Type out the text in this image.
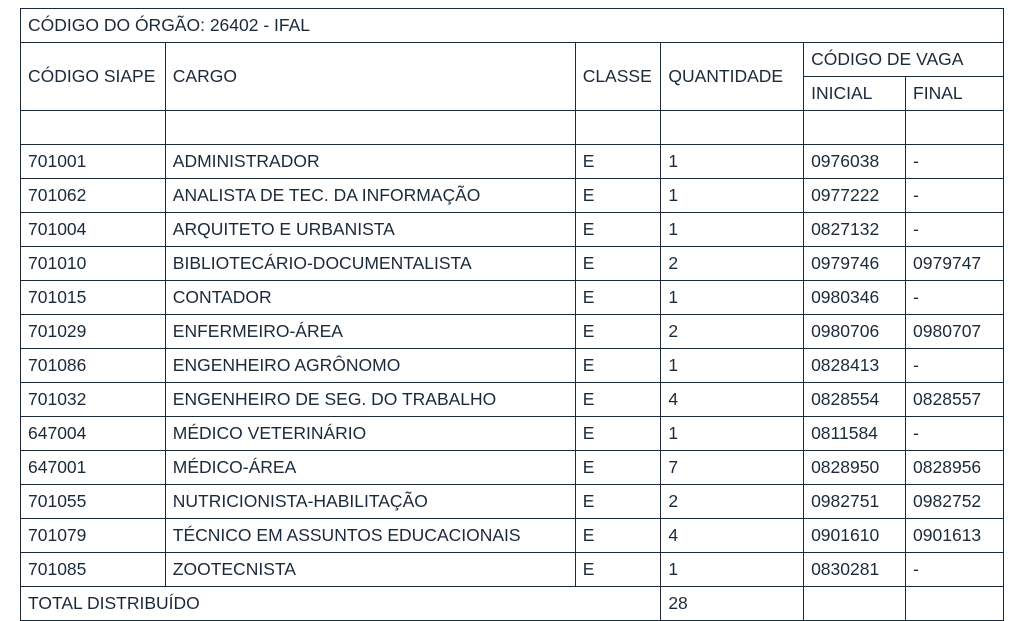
CÓDIGO DO ÓRGÃO: 26402 - IFAL					
CÓDIGO SIAPE	CARGO	CLASSE	QUANTIDADE	CÓDIGO DE VAGA	
				INICIAL	FINAL

701001	ADMINISTRADOR	E	1	0976038	-
701062	ANALISTA DE TEC. DA INFORMAÇÃO	E	1	0977222	-
701004	ARQUITETO E URBANISTA	E	1	0827132	-
701010	BIBLIOTECÁRIO-DOCUMENTALISTA	E	2	0979746	0979747
701015	CONTADOR	E	1	0980346	-
701029	ENFERMEIRO-ÁREA	E	2	0980706	0980707
701086	ENGENHEIRO AGRÔNOMO	E	1	0828413	-
701032	ENGENHEIRO DE SEG. DO TRABALHO	E	4	0828554	0828557
647004	MÉDICO VETERINÁRIO	E	1	0811584	-
647001	MÉDICO-ÁREA	E	7	0828950	0828956
701055	NUTRICIONISTA-HABILITAÇÃO	E	2	0982751	0982752
701079	TÉCNICO EM ASSUNTOS EDUCACIONAIS	E	4	0901610	0901613
701085	ZOOTECNISTA	E	1	0830281	-
TOTAL DISTRIBUÍDO			28		
